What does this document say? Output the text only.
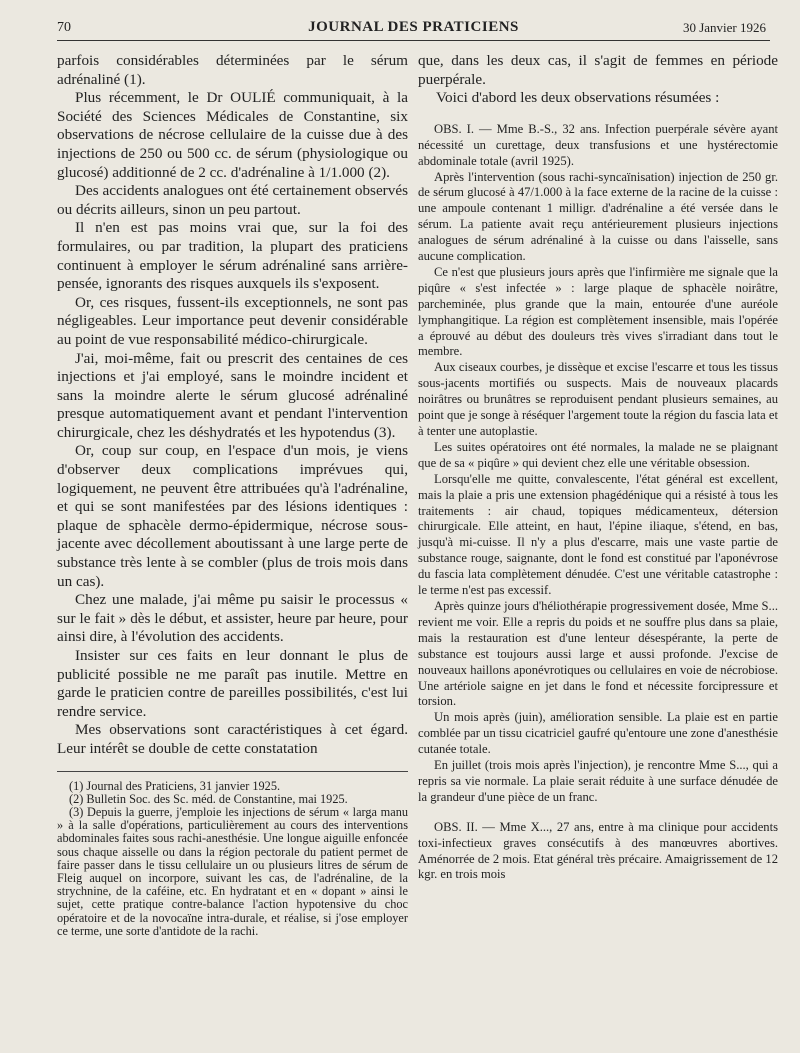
70	JOURNAL DES PRATICIENS	30 Janvier 1926

parfois considérables déterminées par le sérum adrénaliné (1).

Plus récemment, le Dr OULIÉ communiquait, à la Société des Sciences Médicales de Constantine, six observations de nécrose cellulaire de la cuisse due à des injections de 250 ou 500 cc. de sérum (physiologique ou glucosé) additionné de 2 cc. d'adrénaline à 1/1.000 (2).

Des accidents analogues ont été certainement observés ou décrits ailleurs, sinon un peu partout.

Il n'en est pas moins vrai que, sur la foi des formulaires, ou par tradition, la plupart des praticiens continuent à employer le sérum adrénaliné sans arrière-pensée, ignorants des risques auxquels ils s'exposent.

Or, ces risques, fussent-ils exceptionnels, ne sont pas négligeables. Leur importance peut devenir considérable au point de vue responsabilité médico-chirurgicale.

J'ai, moi-même, fait ou prescrit des centaines de ces injections et j'ai employé, sans le moindre incident et sans la moindre alerte le sérum glucosé adrénaliné presque automatiquement avant et pendant l'intervention chirurgicale, chez les déshydratés et les hypotendus (3).

Or, coup sur coup, en l'espace d'un mois, je viens d'observer deux complications imprévues qui, logiquement, ne peuvent être attribuées qu'à l'adrénaline, et qui se sont manifestées par des lésions identiques : plaque de sphacèle dermo-épidermique, nécrose sous-jacente avec décollement aboutissant à une large perte de substance très lente à se combler (plus de trois mois dans un cas).

Chez une malade, j'ai même pu saisir le processus « sur le fait » dès le début, et assister, heure par heure, pour ainsi dire, à l'évolution des accidents.

Insister sur ces faits en leur donnant le plus de publicité possible ne me paraît pas inutile. Mettre en garde le praticien contre de pareilles possibilités, c'est lui rendre service.

Mes observations sont caractéristiques à cet égard. Leur intérêt se double de cette constatation

(1) Journal des Praticiens, 31 janvier 1925.

(2) Bulletin Soc. des Sc. méd. de Constantine, mai 1925.

(3) Depuis la guerre, j'emploie les injections de sérum « larga manu » à la salle d'opérations, particulièrement au cours des interventions abdominales faites sous rachi-anesthésie. Une longue aiguille enfoncée sous chaque aisselle ou dans la région pectorale du patient permet de faire passer dans le tissu cellulaire un ou plusieurs litres de sérum de Fleig auquel on incorpore, suivant les cas, de l'adrénaline, de la strychnine, de la caféine, etc. En hydratant et en « dopant » ainsi le sujet, cette pratique contre-balance l'action hypotensive du choc opératoire et de la novocaïne intra-durale, et réalise, si j'ose employer ce terme, une sorte d'antidote de la rachi.

que, dans les deux cas, il s'agit de femmes en période puerpérale.

Voici d'abord les deux observations résumées :

OBS. I. — Mme B.-S., 32 ans. Infection puerpérale sévère ayant nécessité un curettage, deux transfusions et une hystérectomie abdominale totale (avril 1925).

Après l'intervention (sous rachi-syncaïnisation) injection de 250 gr. de sérum glucosé à 47/1.000 à la face externe de la racine de la cuisse : une ampoule contenant 1 milligr. d'adrénaline a été versée dans le sérum. La patiente avait reçu antérieurement plusieurs injections analogues de sérum adrénaliné à la cuisse ou dans l'aisselle, sans aucune complication.

Ce n'est que plusieurs jours après que l'infirmière me signale que la piqûre « s'est infectée » : large plaque de sphacèle noirâtre, parcheminée, plus grande que la main, entourée d'une auréole lymphangitique. La région est complètement insensible, mais l'opérée a éprouvé au début des douleurs très vives s'irradiant dans tout le membre.

Aux ciseaux courbes, je dissèque et excise l'escarre et tous les tissus sous-jacents mortifiés ou suspects. Mais de nouveaux placards noirâtres ou brunâtres se reproduisent pendant plusieurs semaines, au point que je songe à réséquer l'argement toute la région du fascia lata et à tenter une autoplastie.

Les suites opératoires ont été normales, la malade ne se plaignant que de sa « piqûre » qui devient chez elle une véritable obsession.

Lorsqu'elle me quitte, convalescente, l'état général est excellent, mais la plaie a pris une extension phagédénique qui a résisté à tous les traitements : air chaud, topiques médicamenteux, détersion chirurgicale. Elle atteint, en haut, l'épine iliaque, s'étend, en bas, jusqu'à mi-cuisse. Il n'y a plus d'escarre, mais une vaste partie de substance rouge, saignante, dont le fond est constitué par l'aponévrose du fascia lata complètement dénudée. C'est une véritable catastrophe : le terme n'est pas excessif.

Après quinze jours d'héliothérapie progressivement dosée, Mme S... revient me voir. Elle a repris du poids et ne souffre plus dans sa plaie, mais la restauration est d'une lenteur désespérante, la perte de substance est toujours aussi large et aussi profonde. J'excise de nouveaux haillons aponévrotiques ou cellulaires en voie de nécrobiose. Une artériole saigne en jet dans le fond et nécessite forcipressure et torsion.

Un mois après (juin), amélioration sensible. La plaie est en partie comblée par un tissu cicatriciel gaufré qu'entoure une zone d'anesthésie cutanée totale.

En juillet (trois mois après l'injection), je rencontre Mme S..., qui a repris sa vie normale. La plaie serait réduite à une surface dénudée de la grandeur d'une pièce de un franc.

OBS. II. — Mme X..., 27 ans, entre à ma clinique pour accidents toxi-infectieux graves consécutifs à des manœuvres abortives. Aménorrée de 2 mois. Etat général très précaire. Amaigrissement de 12 kgr. en trois mois
